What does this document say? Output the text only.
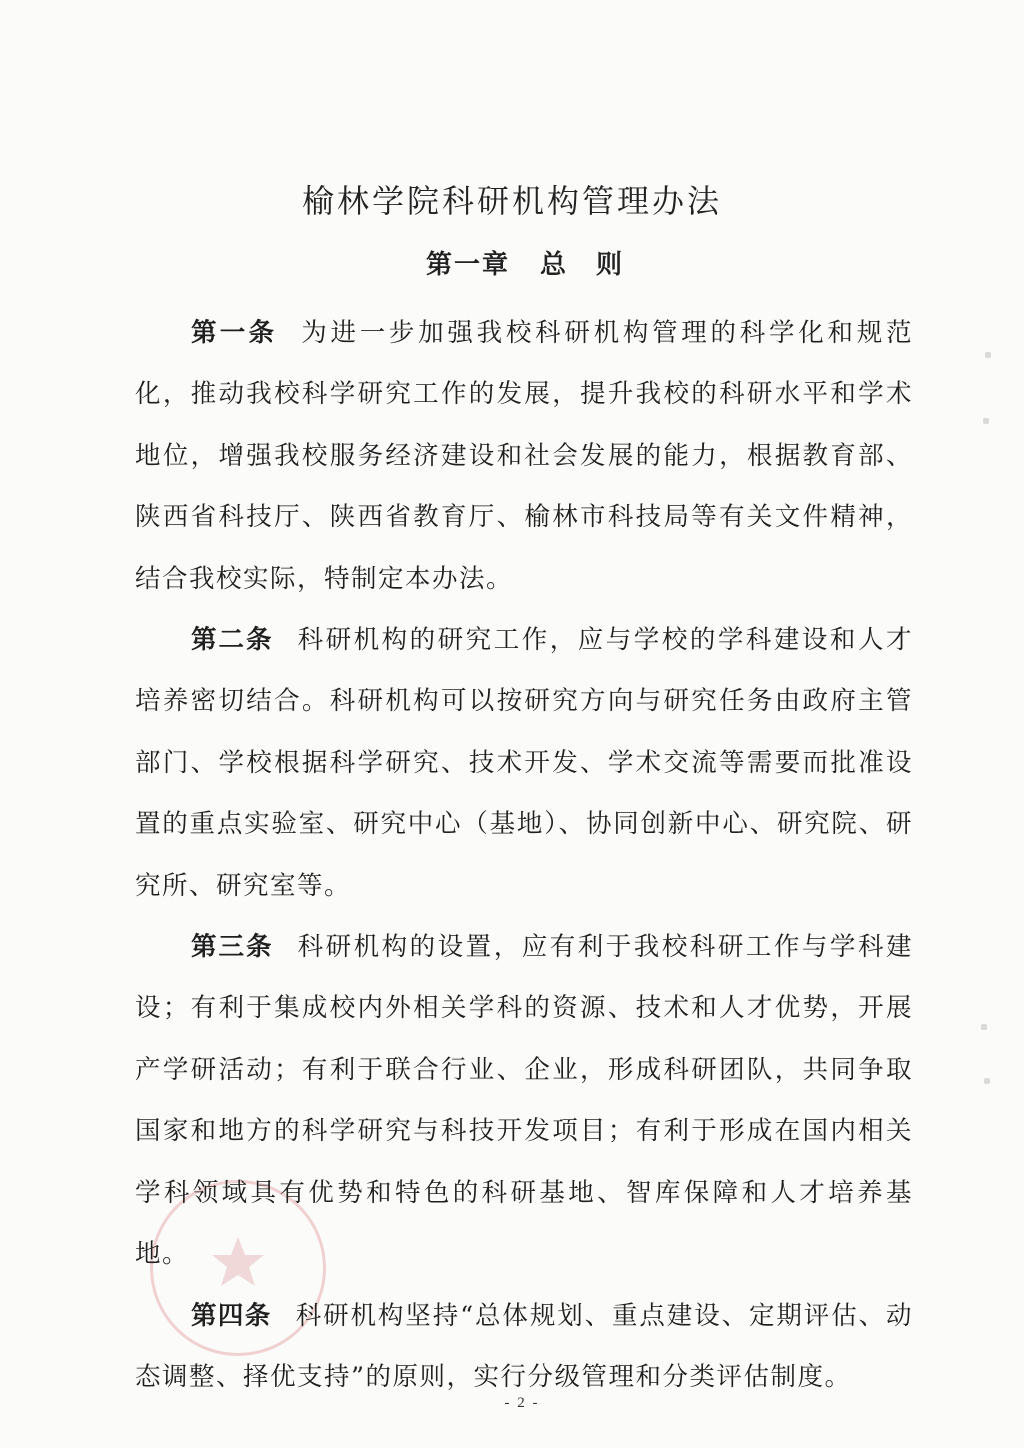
榆林学院科研机构管理办法
第一章 总　则

第一条 为进一步加强我校科研机构管理的科学化和规范化，推动我校科学研究工作的发展，提升我校的科研水平和学术地位，增强我校服务经济建设和社会发展的能力，根据教育部、陕西省科技厅、陕西省教育厅、榆林市科技局等有关文件精神，结合我校实际，特制定本办法。

第二条 科研机构的研究工作，应与学校的学科建设和人才培养密切结合。科研机构可以按研究方向与研究任务由政府主管部门、学校根据科学研究、技术开发、学术交流等需要而批准设置的重点实验室、研究中心（基地）、协同创新中心、研究院、研究所、研究室等。

第三条 科研机构的设置，应有利于我校科研工作与学科建设；有利于集成校内外相关学科的资源、技术和人才优势，开展产学研活动；有利于联合行业、企业，形成科研团队，共同争取国家和地方的科学研究与科技开发项目；有利于形成在国内相关学科领域具有优势和特色的科研基地、智库保障和人才培养基地。

第四条 科研机构坚持“总体规划、重点建设、定期评估、动态调整、择优支持”的原则，实行分级管理和分类评估制度。

- 2 -
